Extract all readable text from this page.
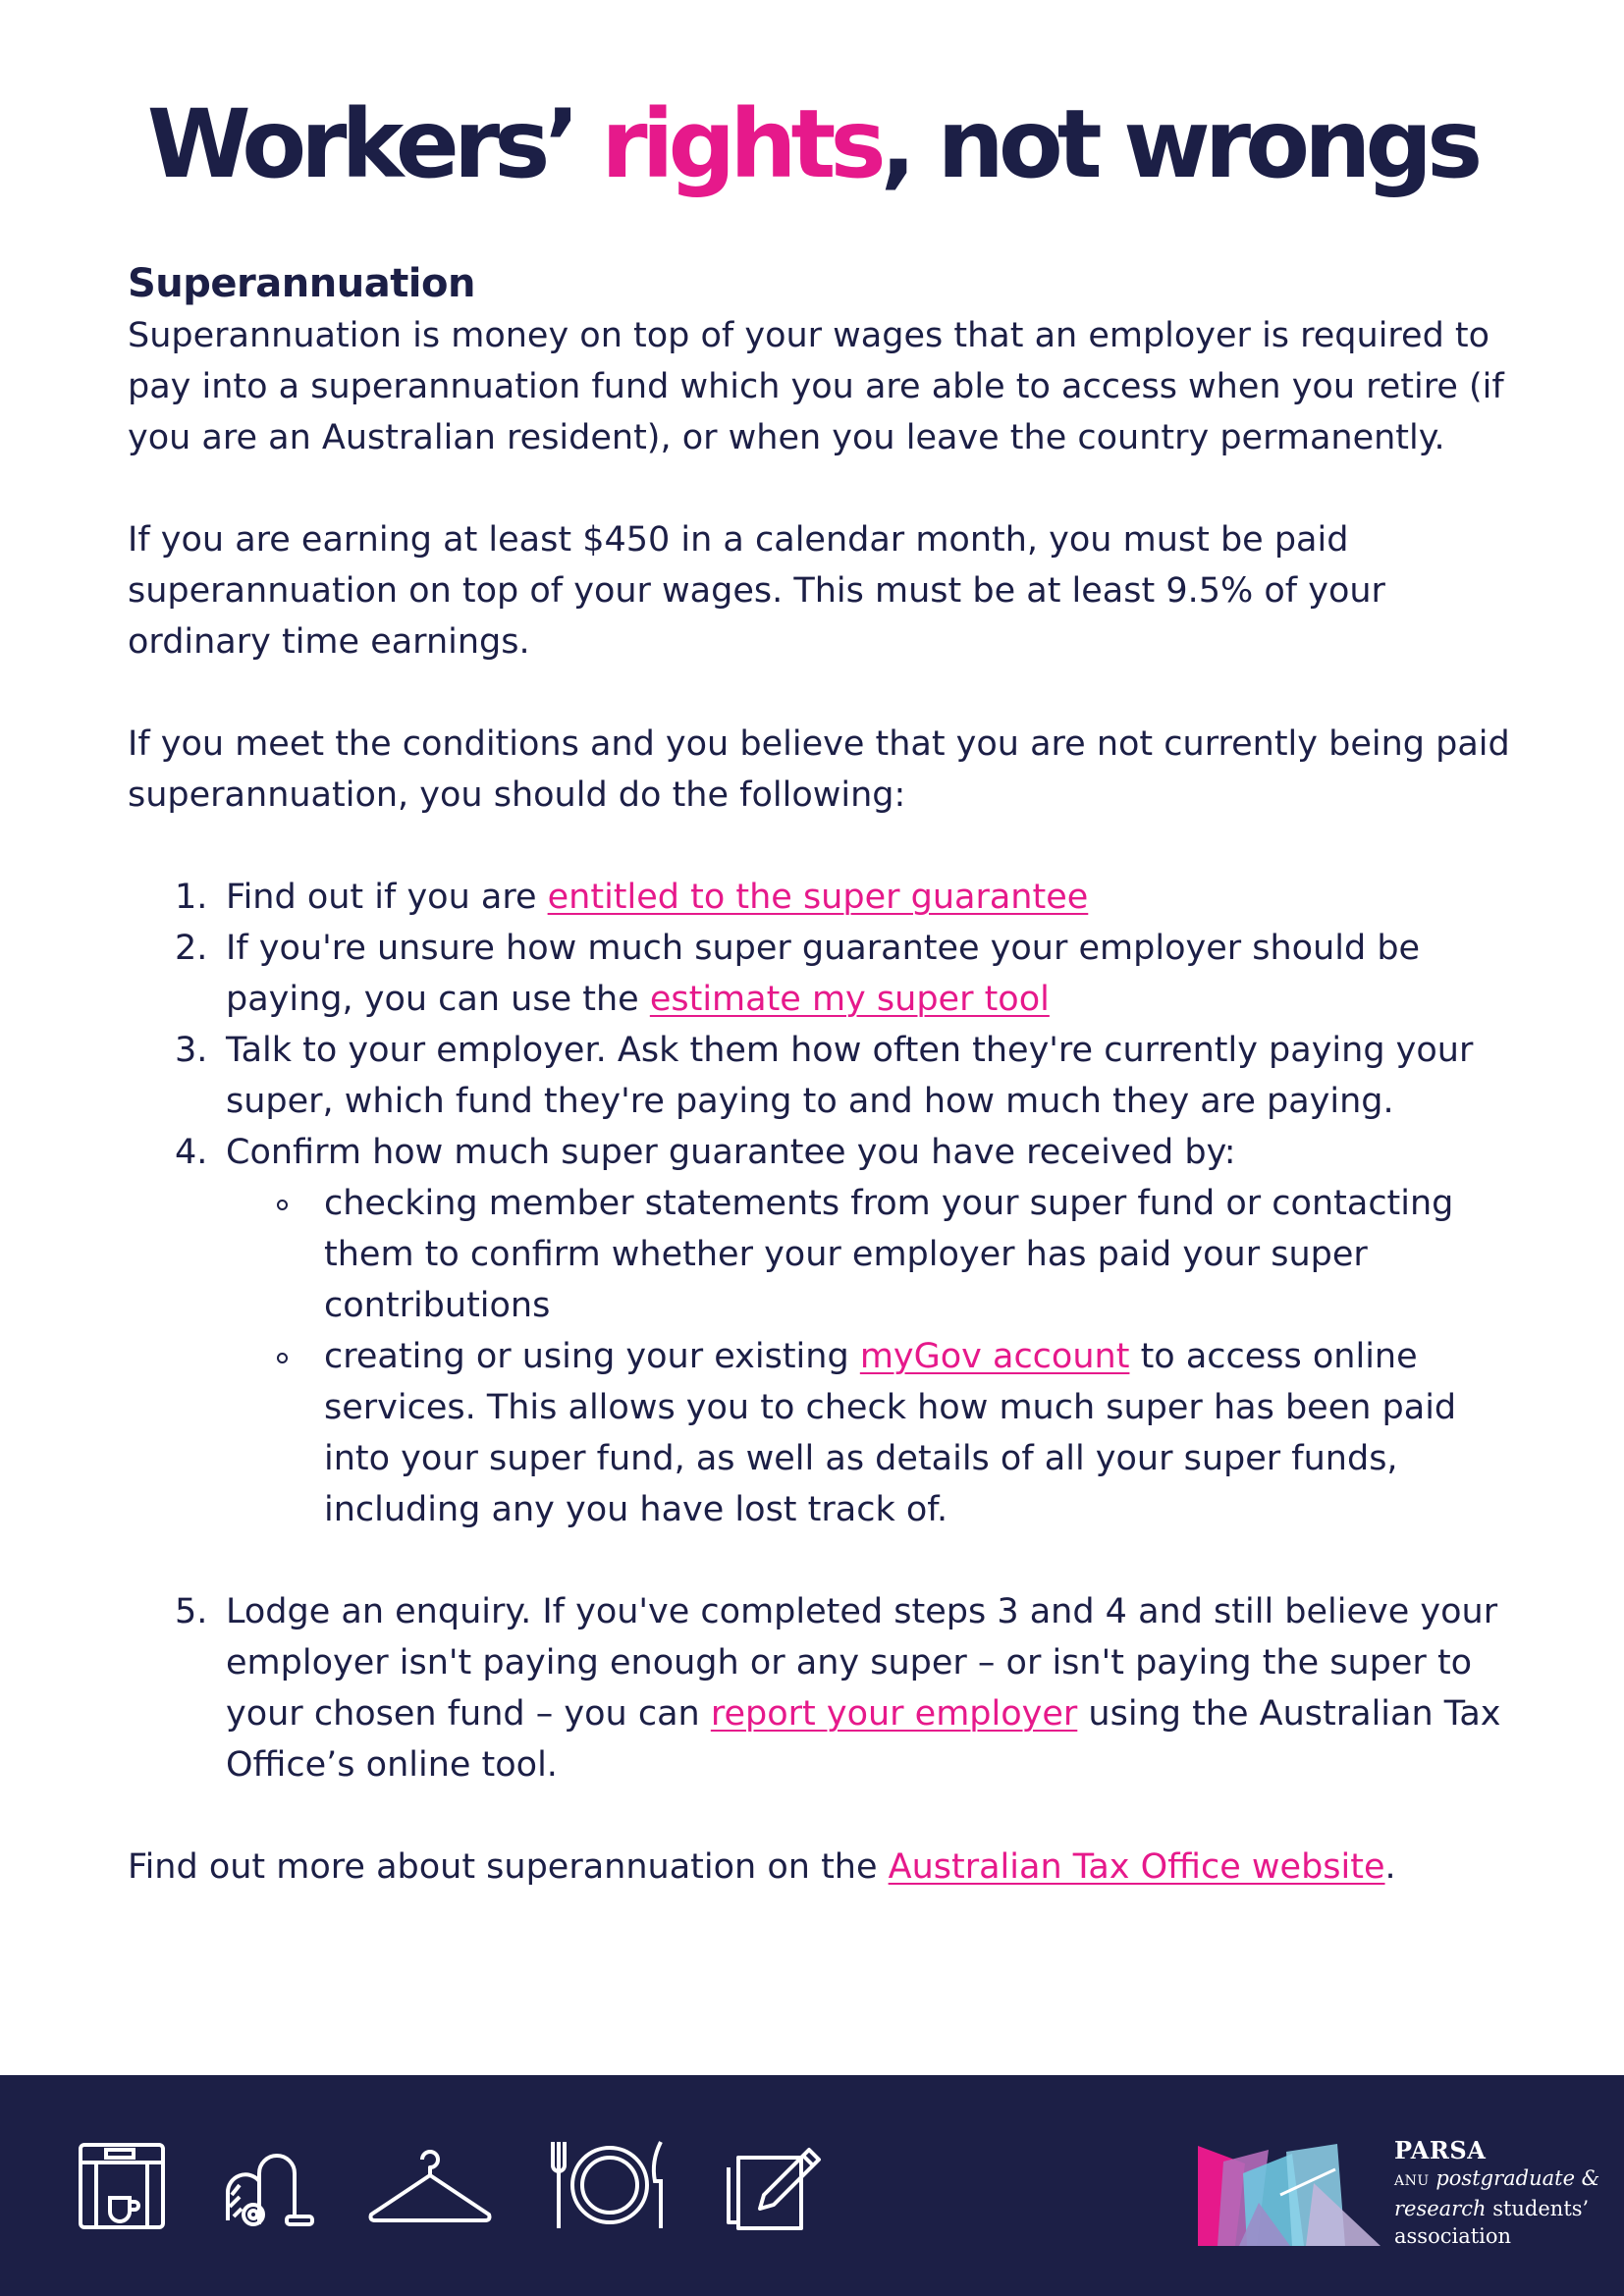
Workers’ rights, not wrongs
Superannuation

Superannuation is money on top of your wages that an employer is required to pay into a superannuation fund which you are able to access when you retire (if you are an Australian resident), or when you leave the country permanently.

If you are earning at least $450 in a calendar month, you must be paid superannuation on top of your wages. This must be at least 9.5% of your ordinary time earnings.

If you meet the conditions and you believe that you are not currently being paid superannuation, you should do the following:

1. Find out if you are entitled to the super guarantee
2. If you're unsure how much super guarantee your employer should be paying, you can use the estimate my super tool
3. Talk to your employer. Ask them how often they're currently paying your super, which fund they're paying to and how much they are paying.
4. Confirm how much super guarantee you have received by:
checking member statements from your super fund or contacting them to confirm whether your employer has paid your super contributions
creating or using your existing myGov account to access online services. This allows you to check how much super has been paid into your super fund, as well as details of all your super funds, including any you have lost track of.
5. Lodge an enquiry. If you've completed steps 3 and 4 and still believe your employer isn't paying enough or any super – or isn't paying the super to your chosen fund – you can report your employer using the Australian Tax Office’s online tool.

Find out more about superannuation on the Australian Tax Office website.

PARSA
ANU postgraduate &
research students’
association
